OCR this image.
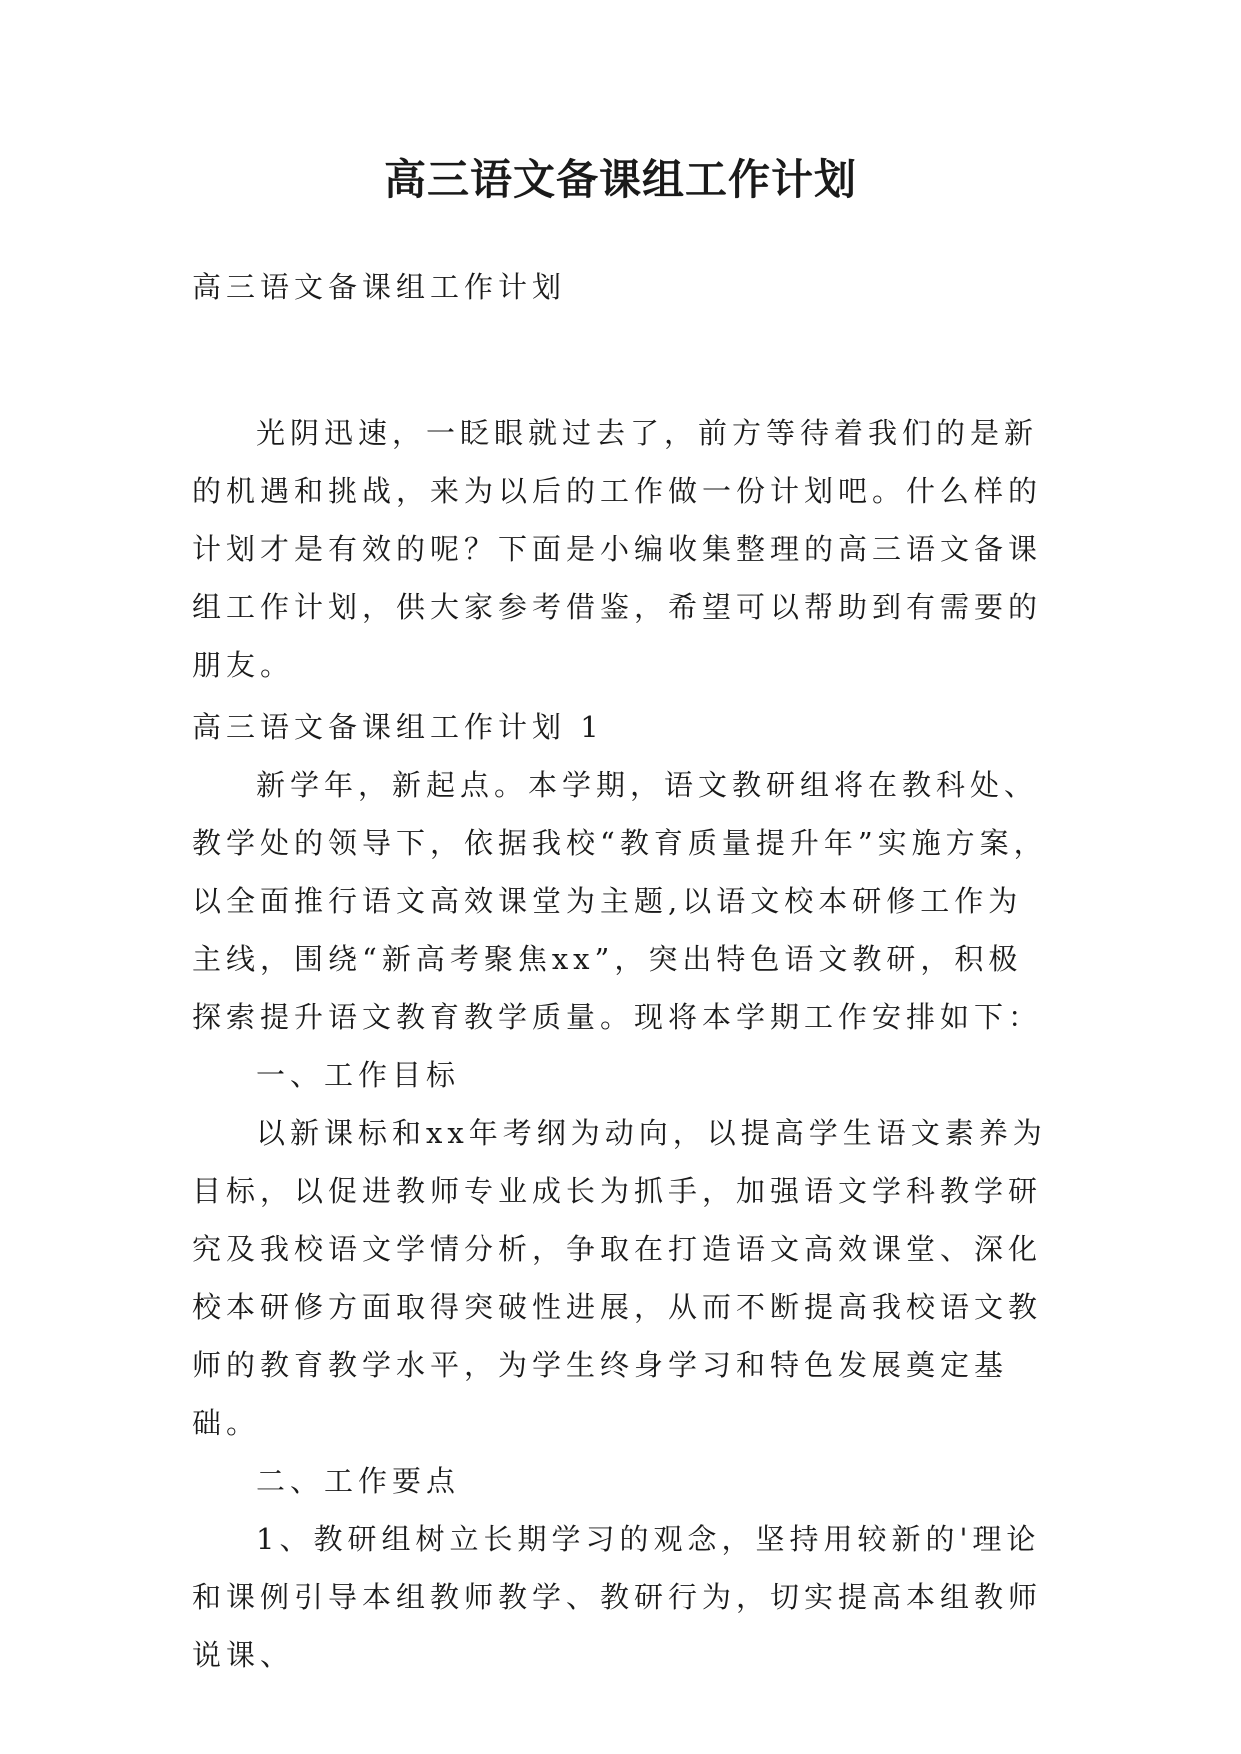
高三语文备课组工作计划

高三语文备课组工作计划

光阴迅速，一眨眼就过去了，前方等待着我们的是新的机遇和挑战，来为以后的工作做一份计划吧。什么样的计划才是有效的呢？下面是小编收集整理的高三语文备课组工作计划，供大家参考借鉴，希望可以帮助到有需要的朋友。

高三语文备课组工作计划 1

新学年，新起点。本学期，语文教研组将在教科处、教学处的领导下，依据我校“教育质量提升年”实施方案，以全面推行语文高效课堂为主题,以语文校本研修工作为主线，围绕“新高考聚焦xx”，突出特色语文教研，积极探索提升语文教育教学质量。现将本学期工作安排如下：

一、工作目标

以新课标和xx年考纲为动向，以提高学生语文素养为目标，以促进教师专业成长为抓手，加强语文学科教学研究及我校语文学情分析，争取在打造语文高效课堂、深化校本研修方面取得突破性进展，从而不断提高我校语文教师的教育教学水平，为学生终身学习和特色发展奠定基础。

二、工作要点

1、教研组树立长期学习的观念，坚持用较新的'理论和课例引导本组教师教学、教研行为，切实提高本组教师说课、
